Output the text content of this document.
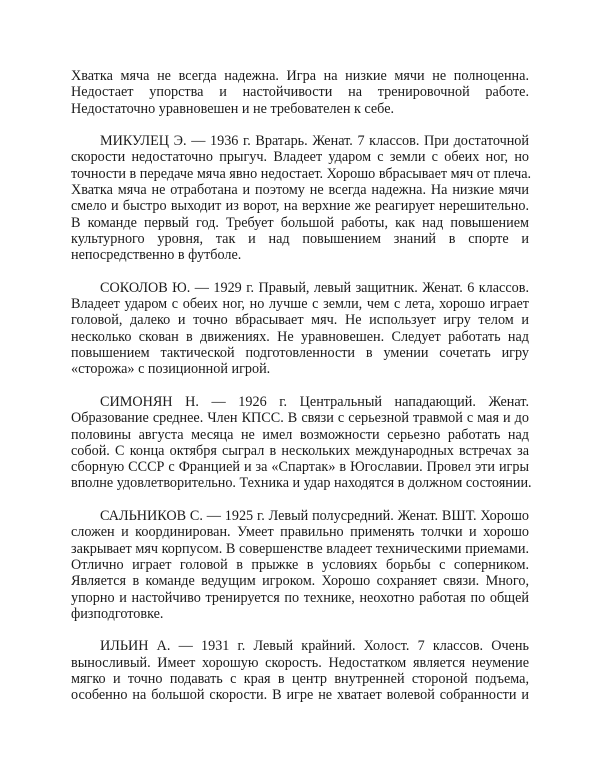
Хватка мяча не всегда надежна. Игра на низкие мячи не полноценна.
Недостает упорства и настойчивости на тренировочной работе.
Недостаточно уравновешен и не требователен к себе.

МИКУЛЕЦ Э. — 1936 г. Вратарь. Женат. 7 классов. При достаточной
скорости недостаточно прыгуч. Владеет ударом с земли с обеих ног, но
точности в передаче мяча явно недостает. Хорошо вбрасывает мяч от плеча.
Хватка мяча не отработана и поэтому не всегда надежна. На низкие мячи
смело и быстро выходит из ворот, на верхние же реагирует нерешительно.
В команде первый год. Требует большой работы, как над повышением
культурного уровня, так и над повышением знаний в спорте и
непосредственно в футболе.

СОКОЛОВ Ю. — 1929 г. Правый, левый защитник. Женат. 6 классов.
Владеет ударом с обеих ног, но лучше с земли, чем с лета, хорошо играет
головой, далеко и точно вбрасывает мяч. Не использует игру телом и
несколько скован в движениях. Не уравновешен. Следует работать над
повышением тактической подготовленности в умении сочетать игру
«сторожа» с позиционной игрой.

СИМОНЯН Н. — 1926 г. Центральный нападающий. Женат.
Образование среднее. Член КПСС. В связи с серьезной травмой с мая и до
половины августа месяца не имел возможности серьезно работать над
собой. С конца октября сыграл в нескольких международных встречах за
сборную СССР с Францией и за «Спартак» в Югославии. Провел эти игры
вполне удовлетворительно. Техника и удар находятся в должном состоянии.

САЛЬНИКОВ С. — 1925 г. Левый полусредний. Женат. ВШТ. Хорошо
сложен и координирован. Умеет правильно применять толчки и хорошо
закрывает мяч корпусом. В совершенстве владеет техническими приемами.
Отлично играет головой в прыжке в условиях борьбы с соперником.
Является в команде ведущим игроком. Хорошо сохраняет связи. Много,
упорно и настойчиво тренируется по технике, неохотно работая по общей
физподготовке.

ИЛЬИН А. — 1931 г. Левый крайний. Холост. 7 классов. Очень
выносливый. Имеет хорошую скорость. Недостатком является неумение
мягко и точно подавать с края в центр внутренней стороной подъема,
особенно на большой скорости. В игре не хватает волевой собранности и
